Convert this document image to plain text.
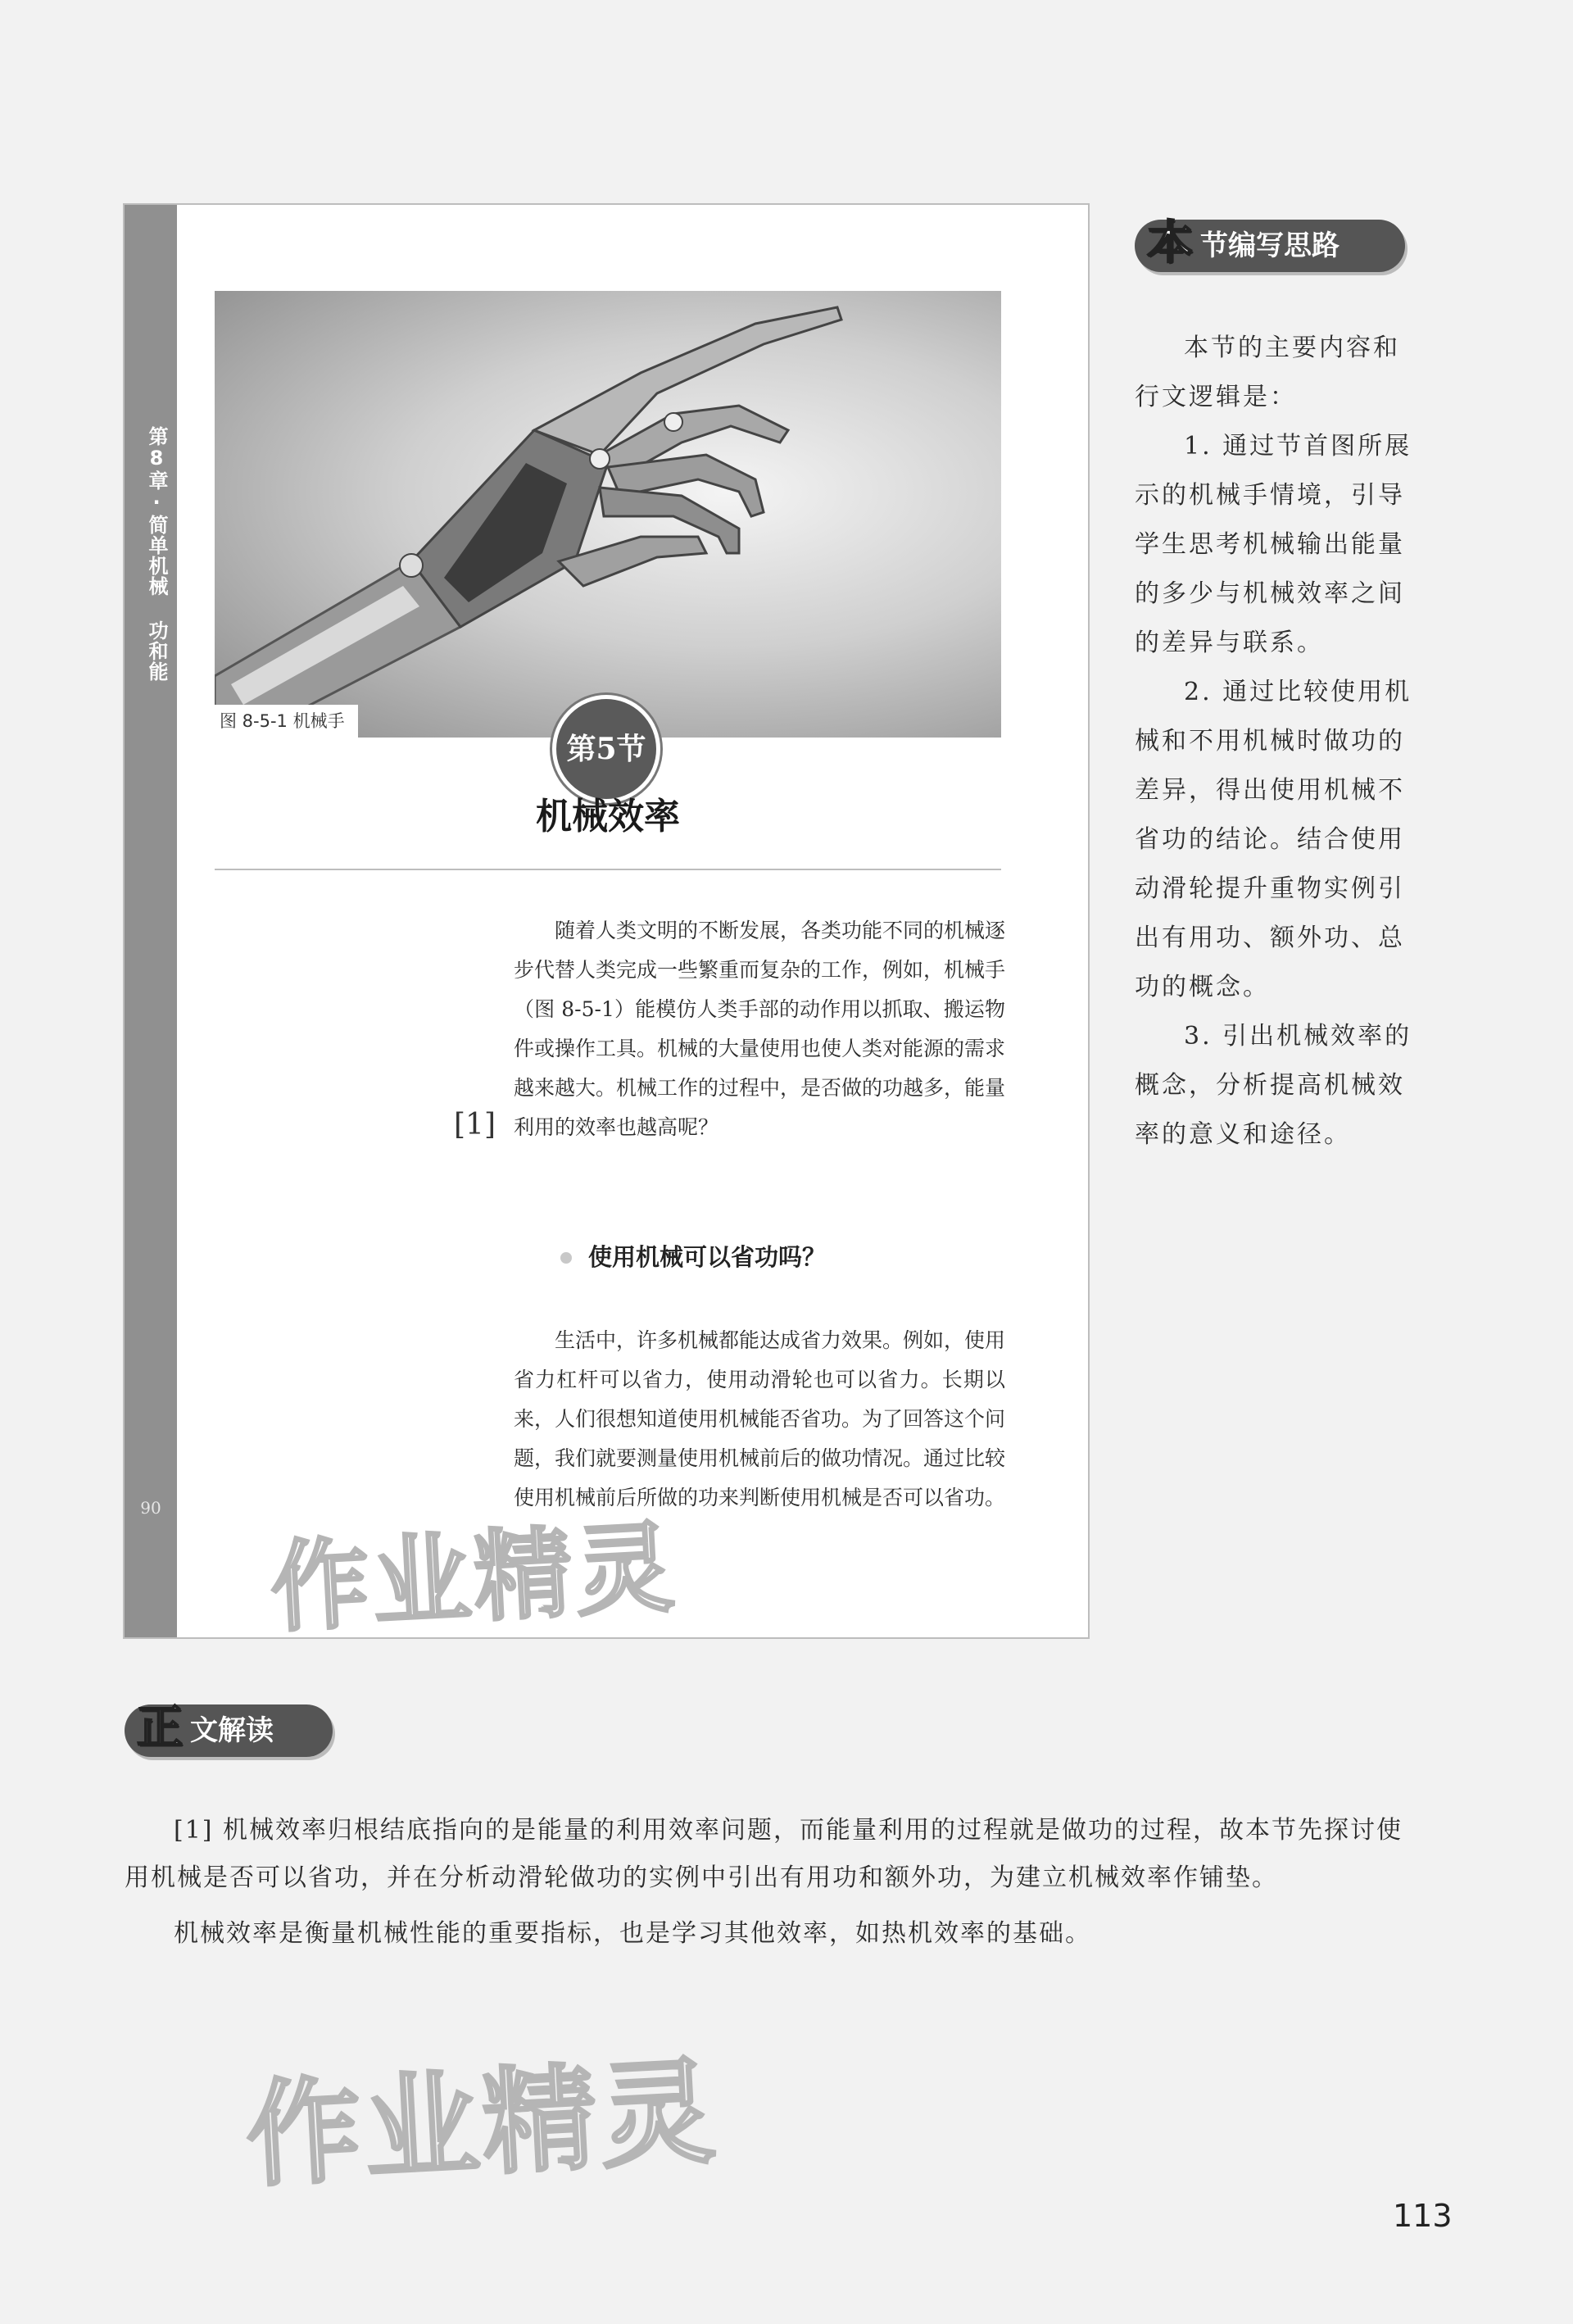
第8章·简单机械 功和能
90
图 8-5-1 机械手
第5节
机械效率
[1]

随着人类文明的不断发展，各类功能不同的机械逐步代替人类完成一些繁重而复杂的工作，例如，机械手（图 8-5-1）能模仿人类手部的动作用以抓取、搬运物件或操作工具。机械的大量使用也使人类对能源的需求越来越大。机械工作的过程中，是否做的功越多，能量利用的效率也越高呢？

使用机械可以省功吗？

生活中，许多机械都能达成省力效果。例如，使用省力杠杆可以省力，使用动滑轮也可以省力。长期以来，人们很想知道使用机械能否省功。为了回答这个问题，我们就要测量使用机械前后的做功情况。通过比较使用机械前后所做的功来判断使用机械是否可以省功。

本 节编写思路

本节的主要内容和行文逻辑是：

1. 通过节首图所展示的机械手情境，引导学生思考机械输出能量的多少与机械效率之间的差异与联系。

2. 通过比较使用机械和不用机械时做功的差异，得出使用机械不省功的结论。结合使用动滑轮提升重物实例引出有用功、额外功、总功的概念。

3. 引出机械效率的概念，分析提高机械效率的意义和途径。

正 文解读

[1] 机械效率归根结底指向的是能量的利用效率问题，而能量利用的过程就是做功的过程，故本节先探讨使用机械是否可以省功，并在分析动滑轮做功的实例中引出有用功和额外功，为建立机械效率作铺垫。

机械效率是衡量机械性能的重要指标，也是学习其他效率，如热机效率的基础。

作业精灵
作业精灵
113
